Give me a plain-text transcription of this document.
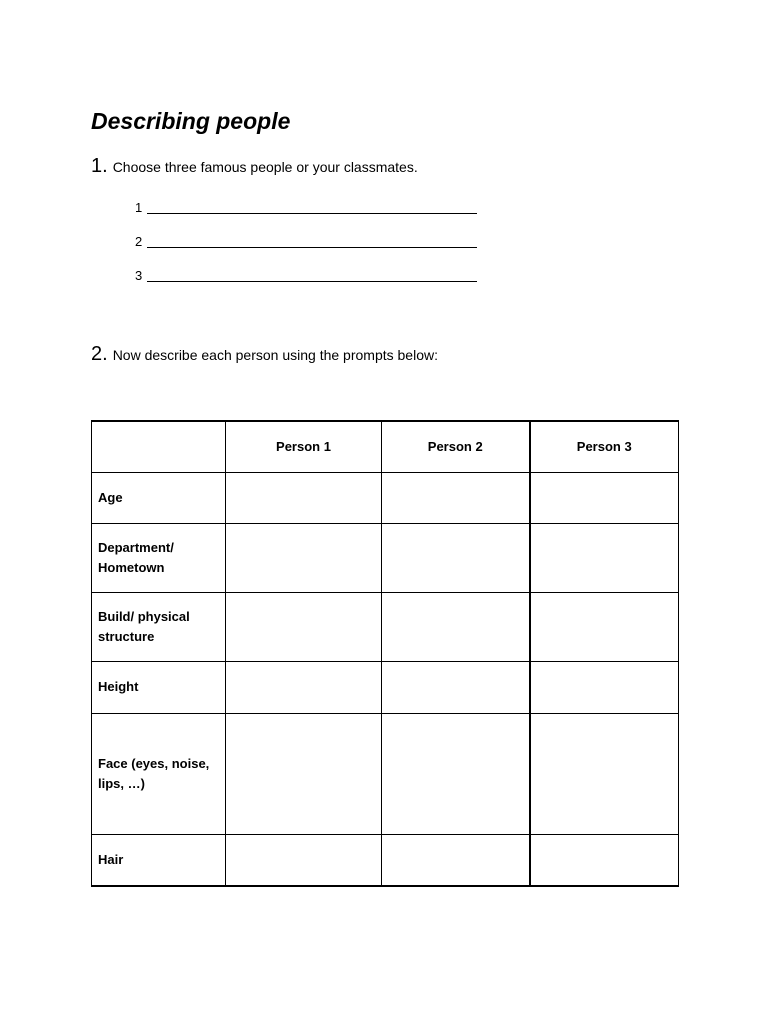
Describing people
1. Choose three famous people or your classmates.
1
2
3
2. Now describe each person using the prompts below:
	Person 1	Person 2	Person 3
Age			
Department/
Hometown			
Build/ physical
structure			
Height			
Face (eyes, noise,
lips, …)			
Hair			
